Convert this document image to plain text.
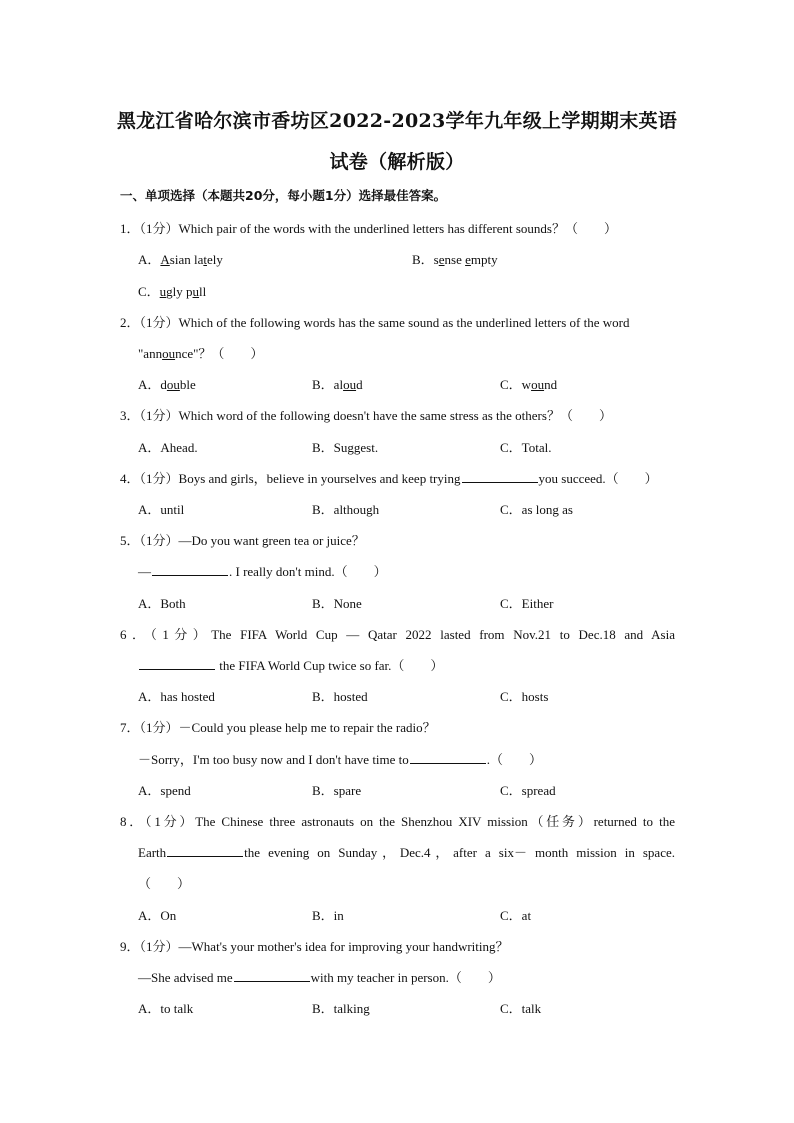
黑龙江省哈尔滨市香坊区2022-2023学年九年级上学期期末英语
试卷（解析版）
一、单项选择（本题共20分，每小题1分）选择最佳答案。
1．（1分）Which pair of the words with the underlined letters has different sounds？（　　）
A．Asian lately	B．sense empty
C．ugly pull
2．（1分）Which of the following words has the same sound as the underlined letters of the word
"announce"？（　　）
A．double	B．aloud	C．wound
3．（1分）Which word of the following doesn't have the same stress as the others？（　　）
A．Ahead.	B．Suggest.	C．Total.
4．（1分）Boys and girls，believe in yourselves and keep trying	you succeed.（　　）
A．until	B．although	C．as long as
5．（1分）—Do you want green tea or juice？
—	. I really don't mind.（　　）
A．Both	B．None	C．Either
6．（1分）The FIFA World Cup — Qatar 2022 lasted from Nov.21 to Dec.18 and Asia
the FIFA World Cup twice so far.（　　）
A．has hosted	B．hosted	C．hosts
7．（1分）－Could you please help me to repair the radio？
－Sorry，I'm too busy now and I don't have time to	.（　　）
A．spend	B．spare	C．spread
8．（1分）The Chinese three astronauts on the Shenzhou XIV mission（任务）returned to the
Earth	the evening on Sunday，Dec.4，after a six－ month mission in space.
（　　）
A．On	B．in	C．at
9．（1分）—What's your mother's idea for improving your handwriting？
—She advised me	with my teacher in person.（　　）
A．to talk	B．talking	C．talk
